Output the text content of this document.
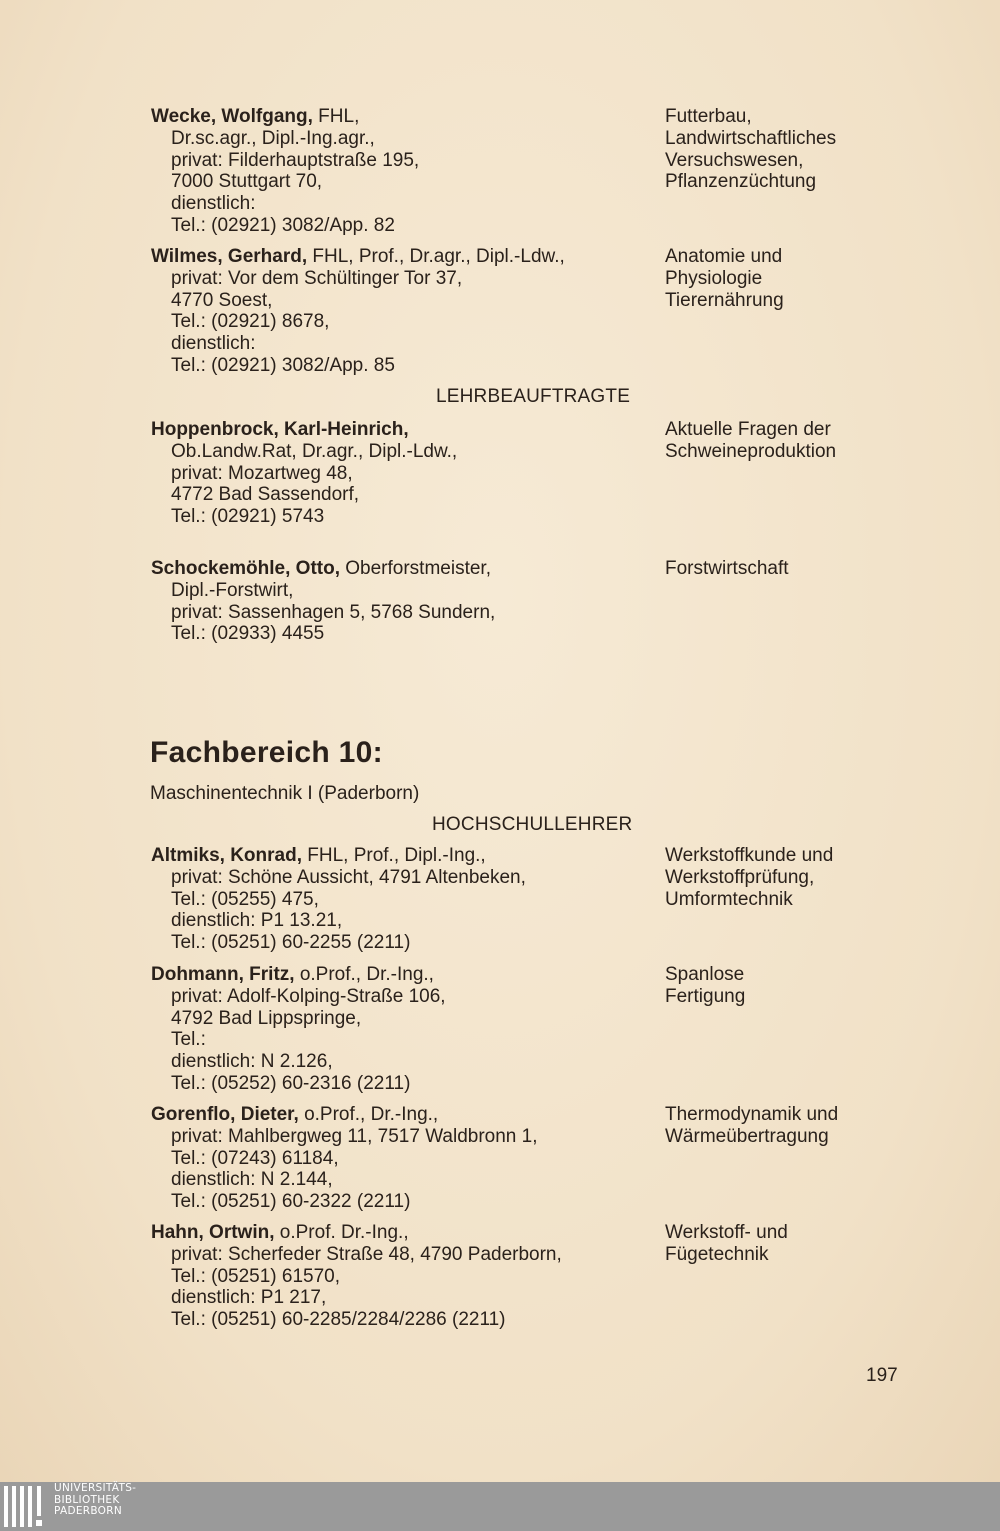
Wecke, Wolfgang, FHL,
Dr.sc.agr., Dipl.-Ing.agr.,
privat: Filderhauptstraße 195,
7000 Stuttgart 70,
dienstlich:
Tel.: (02921) 3082/App. 82
Futterbau,
Landwirtschaftliches
Versuchswesen,
Pflanzenzüchtung
Wilmes, Gerhard, FHL, Prof., Dr.agr., Dipl.-Ldw.,
privat: Vor dem Schültinger Tor 37,
4770 Soest,
Tel.: (02921) 8678,
dienstlich:
Tel.: (02921) 3082/App. 85
Anatomie und
Physiologie
Tierernährung
LEHRBEAUFTRAGTE
Hoppenbrock, Karl-Heinrich,
Ob.Landw.Rat, Dr.agr., Dipl.-Ldw.,
privat: Mozartweg 48,
4772 Bad Sassendorf,
Tel.: (02921) 5743
Aktuelle Fragen der
Schweineproduktion
Schockemöhle, Otto, Oberforstmeister,
Dipl.-Forstwirt,
privat: Sassenhagen 5, 5768 Sundern,
Tel.: (02933) 4455
Forstwirtschaft
Fachbereich 10:
Maschinentechnik I (Paderborn)
HOCHSCHULLEHRER
Altmiks, Konrad, FHL, Prof., Dipl.-Ing.,
privat: Schöne Aussicht, 4791 Altenbeken,
Tel.: (05255) 475,
dienstlich: P1 13.21,
Tel.: (05251) 60-2255 (2211)
Werkstoffkunde und
Werkstoffprüfung,
Umformtechnik
Dohmann, Fritz, o.Prof., Dr.-Ing.,
privat: Adolf-Kolping-Straße 106,
4792 Bad Lippspringe,
Tel.:
dienstlich: N 2.126,
Tel.: (05252) 60-2316 (2211)
Spanlose
Fertigung
Gorenflo, Dieter, o.Prof., Dr.-Ing.,
privat: Mahlbergweg 11, 7517 Waldbronn 1,
Tel.: (07243) 61184,
dienstlich: N 2.144,
Tel.: (05251) 60-2322 (2211)
Thermodynamik und
Wärmeübertragung
Hahn, Ortwin, o.Prof. Dr.-Ing.,
privat: Scherfeder Straße 48, 4790 Paderborn,
Tel.: (05251) 61570,
dienstlich: P1 217,
Tel.: (05251) 60-2285/2284/2286 (2211)
Werkstoff- und
Fügetechnik
197
UNIVERSITÄTS-
BIBLIOTHEK
PADERBORN
